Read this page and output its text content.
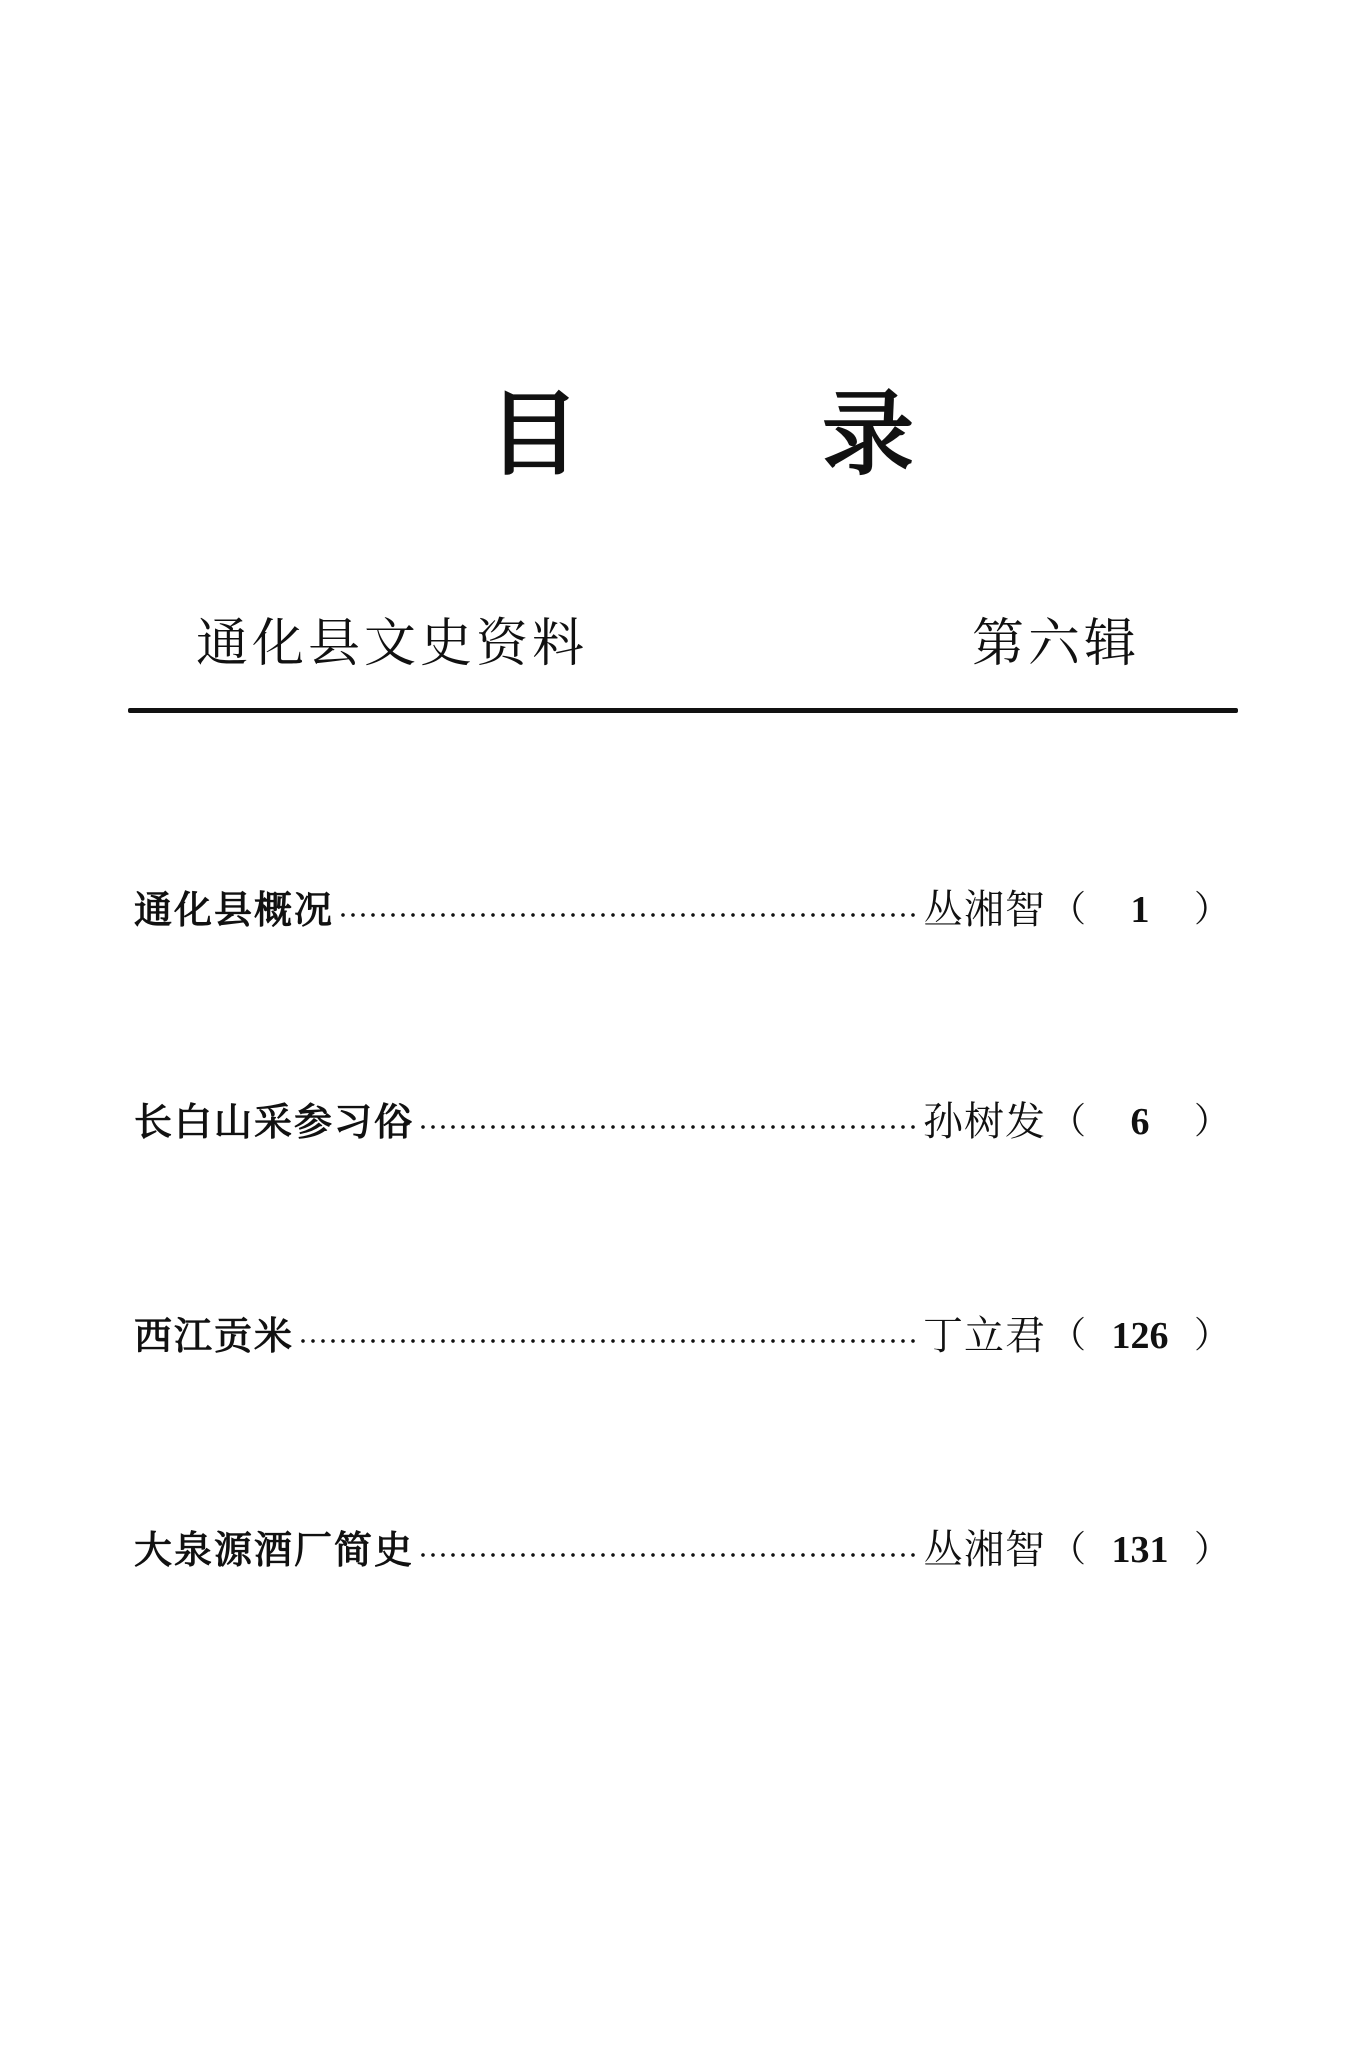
目	录
通化县文史资料	第六辑
通化县概况	丛湘智 （	1	）
长白山采参习俗	孙树发 （	6	）
西江贡米	丁立君 （ 126 ）
大泉源酒厂简史	丛湘智 （ 131 ）
